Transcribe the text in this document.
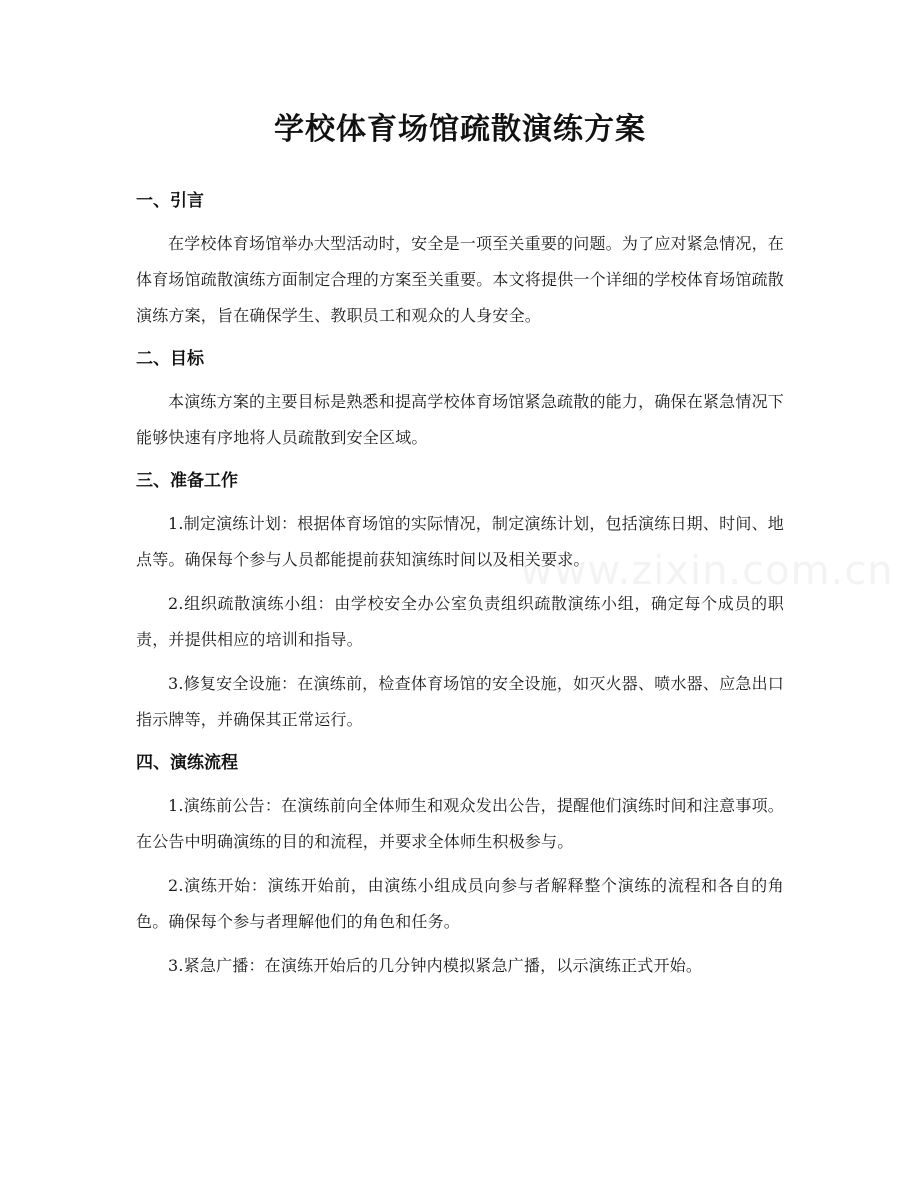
学校体育场馆疏散演练方案
www.zixin.com.cn
一、引言

在学校体育场馆举办大型活动时，安全是一项至关重要的问题。为了应对紧急情况，在体育场馆疏散演练方面制定合理的方案至关重要。本文将提供一个详细的学校体育场馆疏散演练方案，旨在确保学生、教职员工和观众的人身安全。

二、目标

本演练方案的主要目标是熟悉和提高学校体育场馆紧急疏散的能力，确保在紧急情况下能够快速有序地将人员疏散到安全区域。

三、准备工作

1.制定演练计划：根据体育场馆的实际情况，制定演练计划，包括演练日期、时间、地点等。确保每个参与人员都能提前获知演练时间以及相关要求。

2.组织疏散演练小组：由学校安全办公室负责组织疏散演练小组，确定每个成员的职责，并提供相应的培训和指导。

3.修复安全设施：在演练前，检查体育场馆的安全设施，如灭火器、喷水器、应急出口指示牌等，并确保其正常运行。

四、演练流程

1.演练前公告：在演练前向全体师生和观众发出公告，提醒他们演练时间和注意事项。在公告中明确演练的目的和流程，并要求全体师生积极参与。

2.演练开始：演练开始前，由演练小组成员向参与者解释整个演练的流程和各自的角色。确保每个参与者理解他们的角色和任务。

3.紧急广播：在演练开始后的几分钟内模拟紧急广播，以示演练正式开始。
